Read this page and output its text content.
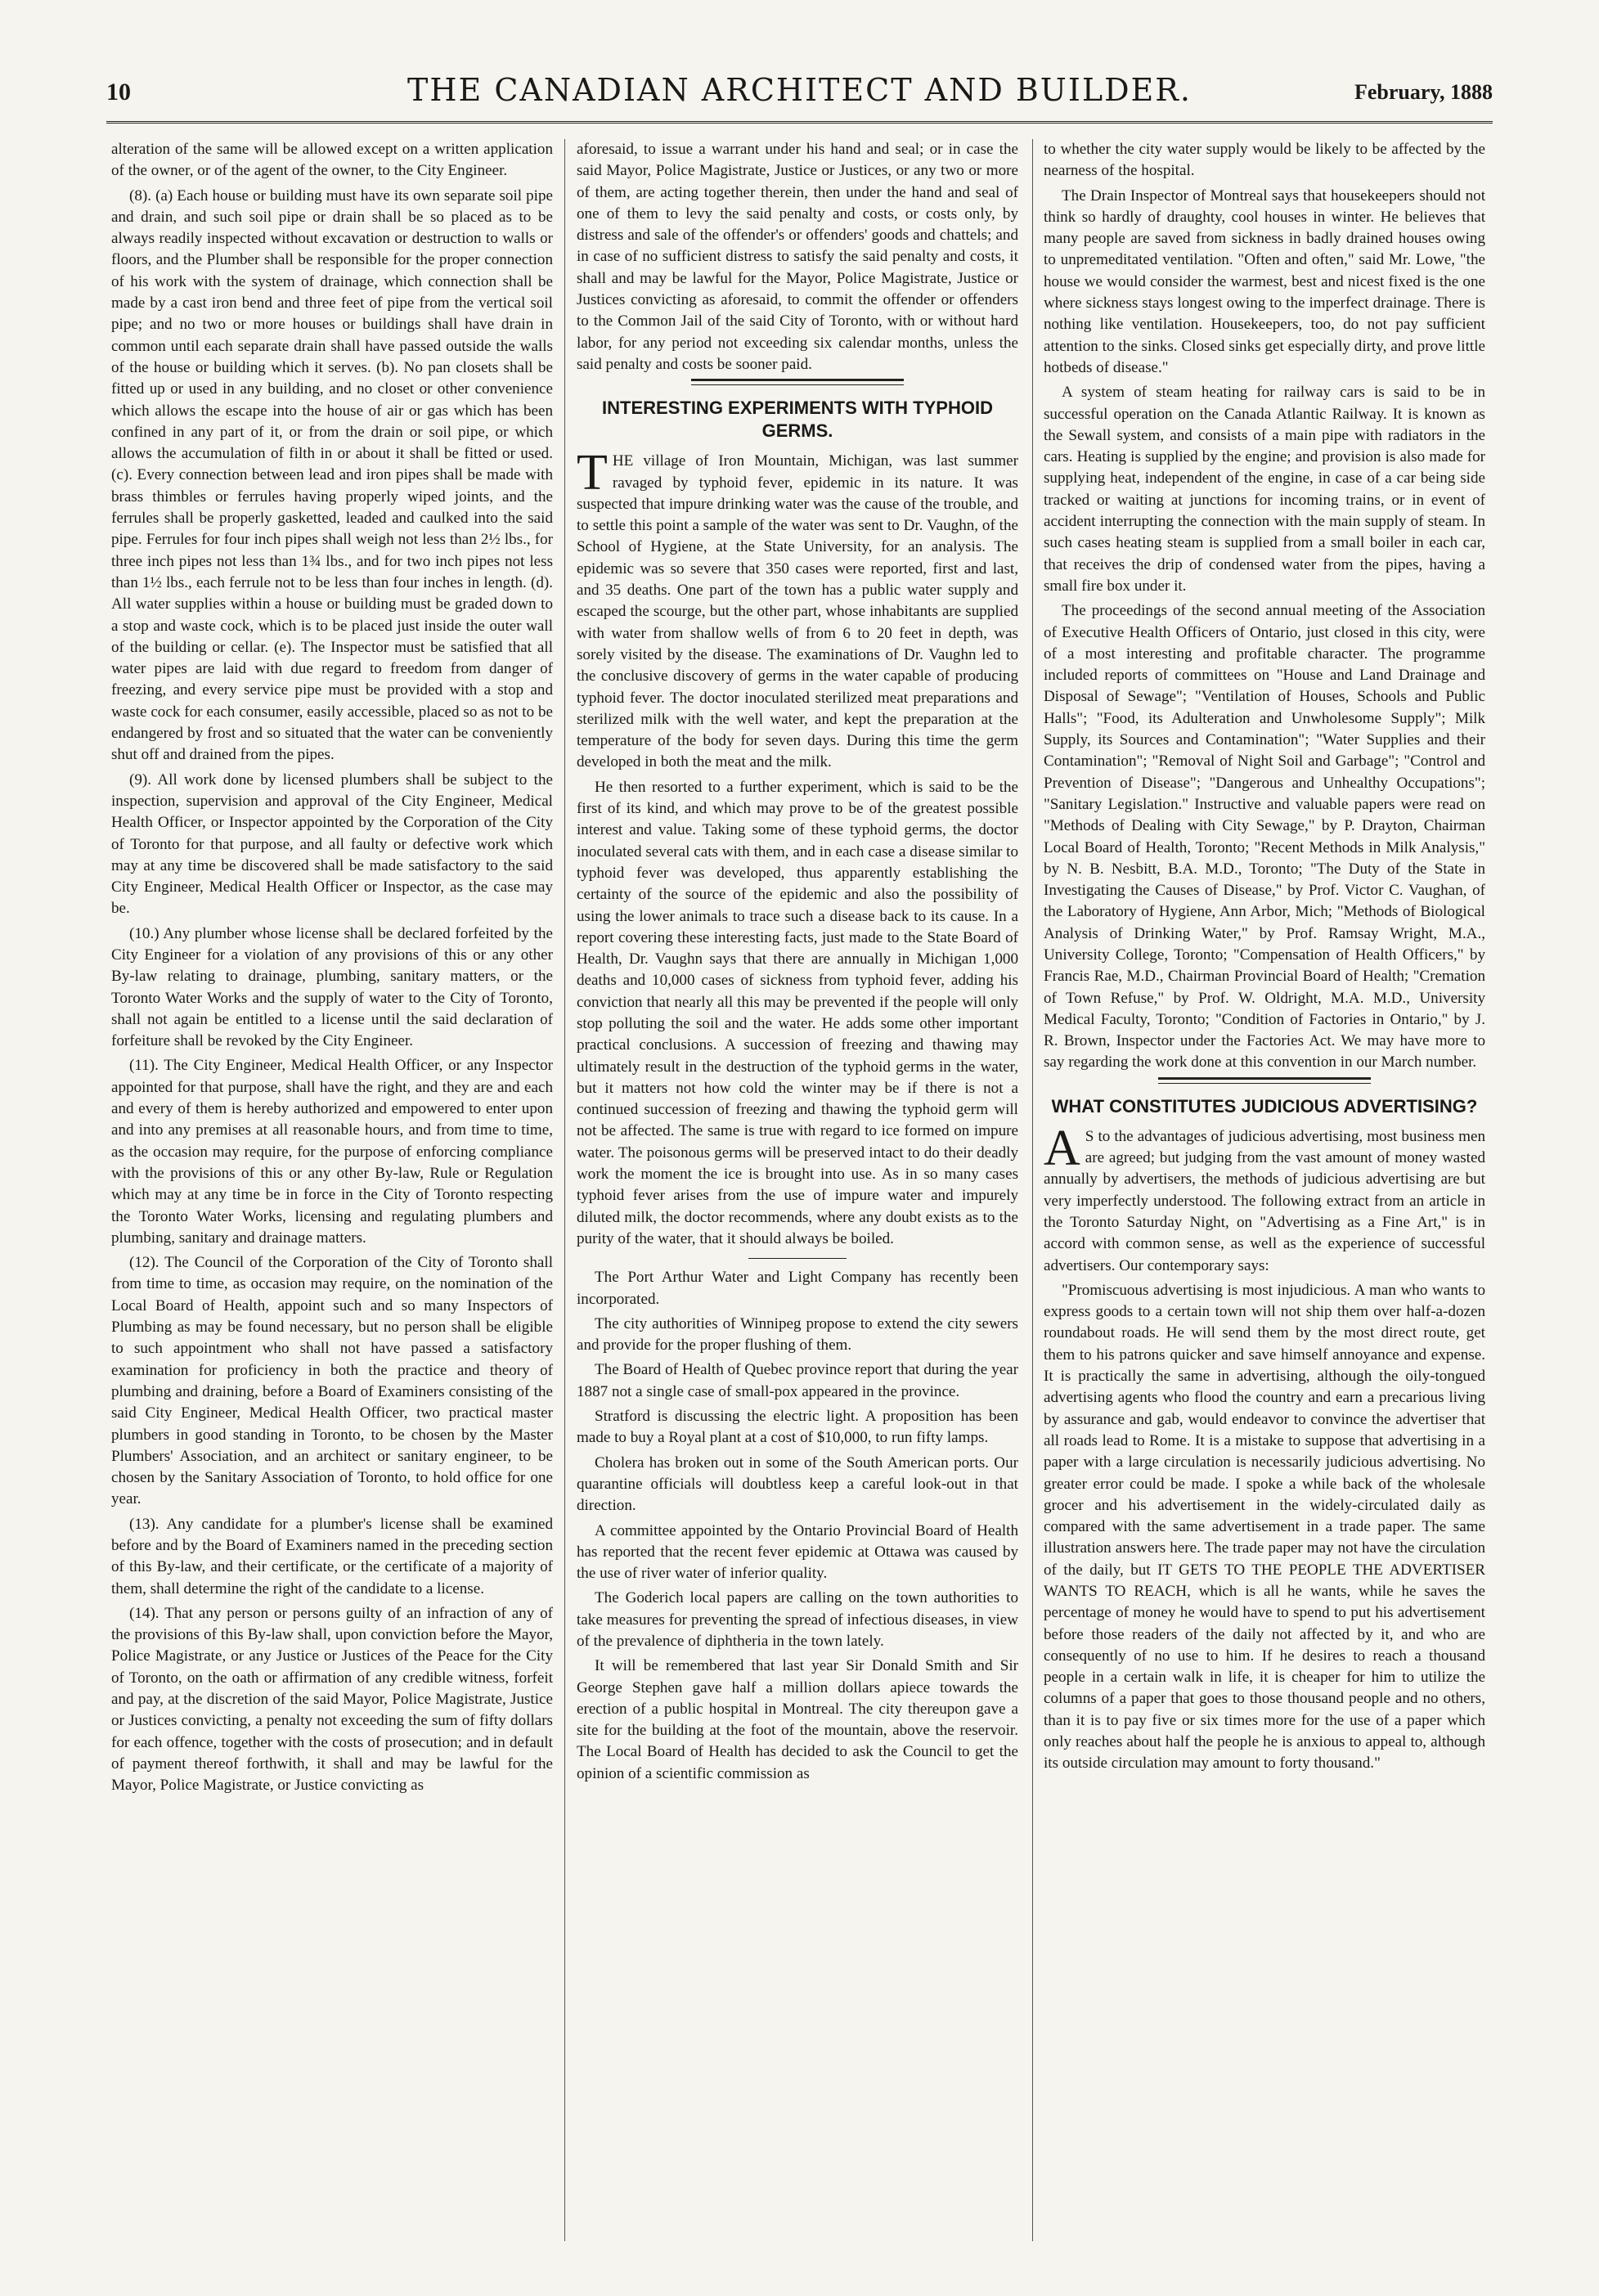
10	THE CANADIAN ARCHITECT AND BUILDER.	February, 1888

alteration of the same will be allowed except on a written application of the owner, or of the agent of the owner, to the City Engineer.

(8). (a) Each house or building must have its own separate soil pipe and drain, and such soil pipe or drain shall be so placed as to be always readily inspected without excavation or destruction to walls or floors, and the Plumber shall be responsible for the proper connection of his work with the system of drainage, which connection shall be made by a cast iron bend and three feet of pipe from the vertical soil pipe; and no two or more houses or buildings shall have drain in common until each separate drain shall have passed outside the walls of the house or building which it serves. (b). No pan closets shall be fitted up or used in any building, and no closet or other convenience which allows the escape into the house of air or gas which has been confined in any part of it, or from the drain or soil pipe, or which allows the accumulation of filth in or about it shall be fitted or used. (c). Every connection between lead and iron pipes shall be made with brass thimbles or ferrules having properly wiped joints, and the ferrules shall be properly gasketted, leaded and caulked into the said pipe. Ferrules for four inch pipes shall weigh not less than 2½ lbs., for three inch pipes not less than 1¾ lbs., and for two inch pipes not less than 1½ lbs., each ferrule not to be less than four inches in length. (d). All water supplies within a house or building must be graded down to a stop and waste cock, which is to be placed just inside the outer wall of the building or cellar. (e). The Inspector must be satisfied that all water pipes are laid with due regard to freedom from danger of freezing, and every service pipe must be provided with a stop and waste cock for each consumer, easily accessible, placed so as not to be endangered by frost and so situated that the water can be conveniently shut off and drained from the pipes.

(9). All work done by licensed plumbers shall be subject to the inspection, supervision and approval of the City Engineer, Medical Health Officer, or Inspector appointed by the Corporation of the City of Toronto for that purpose, and all faulty or defective work which may at any time be discovered shall be made satisfactory to the said City Engineer, Medical Health Officer or Inspector, as the case may be.

(10.) Any plumber whose license shall be declared forfeited by the City Engineer for a violation of any provisions of this or any other By-law relating to drainage, plumbing, sanitary matters, or the Toronto Water Works and the supply of water to the City of Toronto, shall not again be entitled to a license until the said declaration of forfeiture shall be revoked by the City Engineer.

(11). The City Engineer, Medical Health Officer, or any Inspector appointed for that purpose, shall have the right, and they are and each and every of them is hereby authorized and empowered to enter upon and into any premises at all reasonable hours, and from time to time, as the occasion may require, for the purpose of enforcing compliance with the provisions of this or any other By-law, Rule or Regulation which may at any time be in force in the City of Toronto respecting the Toronto Water Works, licensing and regulating plumbers and plumbing, sanitary and drainage matters.

(12). The Council of the Corporation of the City of Toronto shall from time to time, as occasion may require, on the nomination of the Local Board of Health, appoint such and so many Inspectors of Plumbing as may be found necessary, but no person shall be eligible to such appointment who shall not have passed a satisfactory examination for proficiency in both the practice and theory of plumbing and draining, before a Board of Examiners consisting of the said City Engineer, Medical Health Officer, two practical master plumbers in good standing in Toronto, to be chosen by the Master Plumbers' Association, and an architect or sanitary engineer, to be chosen by the Sanitary Association of Toronto, to hold office for one year.

(13). Any candidate for a plumber's license shall be examined before and by the Board of Examiners named in the preceding section of this By-law, and their certificate, or the certificate of a majority of them, shall determine the right of the candidate to a license.

(14). That any person or persons guilty of an infraction of any of the provisions of this By-law shall, upon conviction before the Mayor, Police Magistrate, or any Justice or Justices of the Peace for the City of Toronto, on the oath or affirmation of any credible witness, forfeit and pay, at the discretion of the said Mayor, Police Magistrate, Justice or Justices convicting, a penalty not exceeding the sum of fifty dollars for each offence, together with the costs of prosecution; and in default of payment thereof forthwith, it shall and may be lawful for the Mayor, Police Magistrate, or Justice convicting as

aforesaid, to issue a warrant under his hand and seal; or in case the said Mayor, Police Magistrate, Justice or Justices, or any two or more of them, are acting together therein, then under the hand and seal of one of them to levy the said penalty and costs, or costs only, by distress and sale of the offender's or offenders' goods and chattels; and in case of no sufficient distress to satisfy the said penalty and costs, it shall and may be lawful for the Mayor, Police Magistrate, Justice or Justices convicting as aforesaid, to commit the offender or offenders to the Common Jail of the said City of Toronto, with or without hard labor, for any period not exceeding six calendar months, unless the said penalty and costs be sooner paid.

INTERESTING EXPERIMENTS WITH TYPHOID GERMS.

THE village of Iron Mountain, Michigan, was last summer ravaged by typhoid fever, epidemic in its nature. It was suspected that impure drinking water was the cause of the trouble, and to settle this point a sample of the water was sent to Dr. Vaughn, of the School of Hygiene, at the State University, for an analysis. The epidemic was so severe that 350 cases were reported, first and last, and 35 deaths. One part of the town has a public water supply and escaped the scourge, but the other part, whose inhabitants are supplied with water from shallow wells of from 6 to 20 feet in depth, was sorely visited by the disease. The examinations of Dr. Vaughn led to the conclusive discovery of germs in the water capable of producing typhoid fever. The doctor inoculated sterilized meat preparations and sterilized milk with the well water, and kept the preparation at the temperature of the body for seven days. During this time the germ developed in both the meat and the milk.

He then resorted to a further experiment, which is said to be the first of its kind, and which may prove to be of the greatest possible interest and value. Taking some of these typhoid germs, the doctor inoculated several cats with them, and in each case a disease similar to typhoid fever was developed, thus apparently establishing the certainty of the source of the epidemic and also the possibility of using the lower animals to trace such a disease back to its cause. In a report covering these interesting facts, just made to the State Board of Health, Dr. Vaughn says that there are annually in Michigan 1,000 deaths and 10,000 cases of sickness from typhoid fever, adding his conviction that nearly all this may be prevented if the people will only stop polluting the soil and the water. He adds some other important practical conclusions. A succession of freezing and thawing may ultimately result in the destruction of the typhoid germs in the water, but it matters not how cold the winter may be if there is not a continued succession of freezing and thawing the typhoid germ will not be affected. The same is true with regard to ice formed on impure water. The poisonous germs will be preserved intact to do their deadly work the moment the ice is brought into use. As in so many cases typhoid fever arises from the use of impure water and impurely diluted milk, the doctor recommends, where any doubt exists as to the purity of the water, that it should always be boiled.

The Port Arthur Water and Light Company has recently been incorporated.

The city authorities of Winnipeg propose to extend the city sewers and provide for the proper flushing of them.

The Board of Health of Quebec province report that during the year 1887 not a single case of small-pox appeared in the province.

Stratford is discussing the electric light. A proposition has been made to buy a Royal plant at a cost of $10,000, to run fifty lamps.

Cholera has broken out in some of the South American ports. Our quarantine officials will doubtless keep a careful look-out in that direction.

A committee appointed by the Ontario Provincial Board of Health has reported that the recent fever epidemic at Ottawa was caused by the use of river water of inferior quality.

The Goderich local papers are calling on the town authorities to take measures for preventing the spread of infectious diseases, in view of the prevalence of diphtheria in the town lately.

It will be remembered that last year Sir Donald Smith and Sir George Stephen gave half a million dollars apiece towards the erection of a public hospital in Montreal. The city thereupon gave a site for the building at the foot of the mountain, above the reservoir. The Local Board of Health has decided to ask the Council to get the opinion of a scientific commission as

to whether the city water supply would be likely to be affected by the nearness of the hospital.

The Drain Inspector of Montreal says that housekeepers should not think so hardly of draughty, cool houses in winter. He believes that many people are saved from sickness in badly drained houses owing to unpremeditated ventilation. "Often and often," said Mr. Lowe, "the house we would consider the warmest, best and nicest fixed is the one where sickness stays longest owing to the imperfect drainage. There is nothing like ventilation. Housekeepers, too, do not pay sufficient attention to the sinks. Closed sinks get especially dirty, and prove little hotbeds of disease."

A system of steam heating for railway cars is said to be in successful operation on the Canada Atlantic Railway. It is known as the Sewall system, and consists of a main pipe with radiators in the cars. Heating is supplied by the engine; and provision is also made for supplying heat, independent of the engine, in case of a car being side tracked or waiting at junctions for incoming trains, or in event of accident interrupting the connection with the main supply of steam. In such cases heating steam is supplied from a small boiler in each car, that receives the drip of condensed water from the pipes, having a small fire box under it.

The proceedings of the second annual meeting of the Association of Executive Health Officers of Ontario, just closed in this city, were of a most interesting and profitable character. The programme included reports of committees on "House and Land Drainage and Disposal of Sewage"; "Ventilation of Houses, Schools and Public Halls"; "Food, its Adulteration and Unwholesome Supply"; Milk Supply, its Sources and Contamination"; "Water Supplies and their Contamination"; "Removal of Night Soil and Garbage"; "Control and Prevention of Disease"; "Dangerous and Unhealthy Occupations"; "Sanitary Legislation." Instructive and valuable papers were read on "Methods of Dealing with City Sewage," by P. Drayton, Chairman Local Board of Health, Toronto; "Recent Methods in Milk Analysis," by N. B. Nesbitt, B.A. M.D., Toronto; "The Duty of the State in Investigating the Causes of Disease," by Prof. Victor C. Vaughan, of the Laboratory of Hygiene, Ann Arbor, Mich; "Methods of Biological Analysis of Drinking Water," by Prof. Ramsay Wright, M.A., University College, Toronto; "Compensation of Health Officers," by Francis Rae, M.D., Chairman Provincial Board of Health; "Cremation of Town Refuse," by Prof. W. Oldright, M.A. M.D., University Medical Faculty, Toronto; "Condition of Factories in Ontario," by J. R. Brown, Inspector under the Factories Act. We may have more to say regarding the work done at this convention in our March number.

WHAT CONSTITUTES JUDICIOUS ADVERTISING?

A S to the advantages of judicious advertising, most business men are agreed; but judging from the vast amount of money wasted annually by advertisers, the methods of judicious advertising are but very imperfectly understood. The following extract from an article in the Toronto Saturday Night, on "Advertising as a Fine Art," is in accord with common sense, as well as the experience of successful advertisers. Our contemporary says:

"Promiscuous advertising is most injudicious. A man who wants to express goods to a certain town will not ship them over half-a-dozen roundabout roads. He will send them by the most direct route, get them to his patrons quicker and save himself annoyance and expense. It is practically the same in advertising, although the oily-tongued advertising agents who flood the country and earn a precarious living by assurance and gab, would endeavor to convince the advertiser that all roads lead to Rome. It is a mistake to suppose that advertising in a paper with a large circulation is necessarily judicious advertising. No greater error could be made. I spoke a while back of the wholesale grocer and his advertisement in the widely-circulated daily as compared with the same advertisement in a trade paper. The same illustration answers here. The trade paper may not have the circulation of the daily, but IT GETS TO THE PEOPLE THE ADVERTISER WANTS TO REACH, which is all he wants, while he saves the percentage of money he would have to spend to put his advertisement before those readers of the daily not affected by it, and who are consequently of no use to him. If he desires to reach a thousand people in a certain walk in life, it is cheaper for him to utilize the columns of a paper that goes to those thousand people and no others, than it is to pay five or six times more for the use of a paper which only reaches about half the people he is anxious to appeal to, although its outside circulation may amount to forty thousand."
